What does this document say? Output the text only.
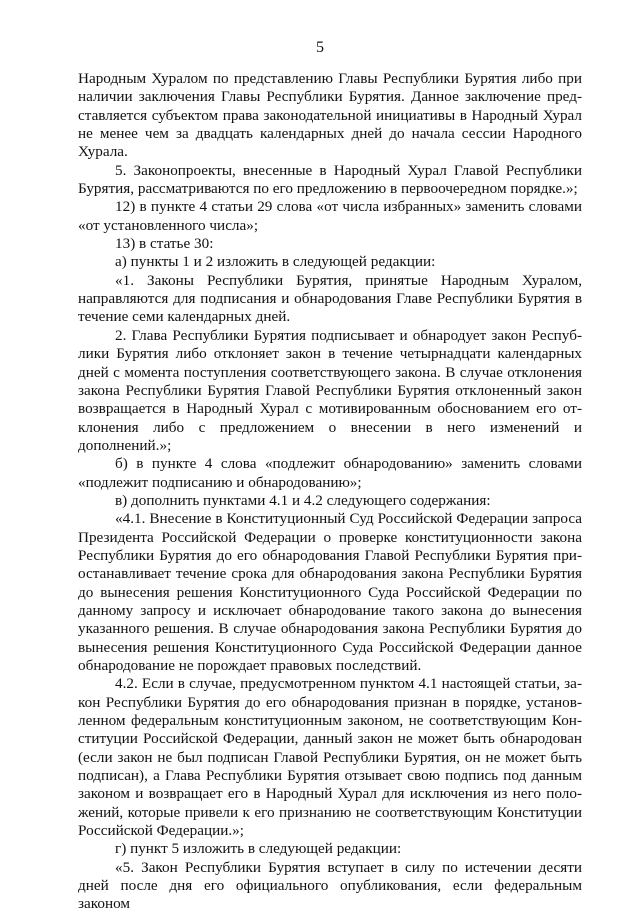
5

Народным Хуралом по представлению Главы Республики Бурятия либо при наличии заключения Главы Республики Бурятия. Данное заключение представляется субъектом права законодательной инициативы в Народный Хурал не менее чем за двадцать календарных дней до начала сессии Народного Хурала.

5. Законопроекты, внесенные в Народный Хурал Главой Республики Бурятия, рассматриваются по его предложению в первоочередном порядке.»;

12) в пункте 4 статьи 29 слова «от числа избранных» заменить словами «от установленного числа»;

13) в статье 30:

а) пункты 1 и 2 изложить в следующей редакции:

«1. Законы Республики Бурятия, принятые Народным Хуралом, направляются для подписания и обнародования Главе Республики Бурятия в течение семи календарных дней.

2. Глава Республики Бурятия подписывает и обнародует закон Республики Бурятия либо отклоняет закон в течение четырнадцати календарных дней с момента поступления соответствующего закона. В случае отклонения закона Республики Бурятия Главой Республики Бурятия отклоненный закон возвращается в Народный Хурал с мотивированным обоснованием его отклонения либо с предложением о внесении в него изменений и дополнений.»;

б) в пункте 4 слова «подлежит обнародованию» заменить словами «подлежит подписанию и обнародованию»;

в) дополнить пунктами 4.1 и 4.2 следующего содержания:

«4.1. Внесение в Конституционный Суд Российской Федерации запроса Президента Российской Федерации о проверке конституционности закона Республики Бурятия до его обнародования Главой Республики Бурятия приостанавливает течение срока для обнародования закона Республики Бурятия до вынесения решения Конституционного Суда Российской Федерации по данному запросу и исключает обнародование такого закона до вынесения указанного решения. В случае обнародования закона Республики Бурятия до вынесения решения Конституционного Суда Российской Федерации данное обнародование не порождает правовых последствий.

4.2. Если в случае, предусмотренном пунктом 4.1 настоящей статьи, закон Республики Бурятия до его обнародования признан в порядке, установленном федеральным конституционным законом, не соответствующим Конституции Российской Федерации, данный закон не может быть обнародован (если закон не был подписан Главой Республики Бурятия, он не может быть подписан), а Глава Республики Бурятия отзывает свою подпись под данным законом и возвращает его в Народный Хурал для исключения из него положений, которые привели к его признанию не соответствующим Конституции Российской Федерации.»;

г) пункт 5 изложить в следующей редакции:

«5. Закон Республики Бурятия вступает в силу по истечении десяти дней после дня его официального опубликования, если федеральным законом
